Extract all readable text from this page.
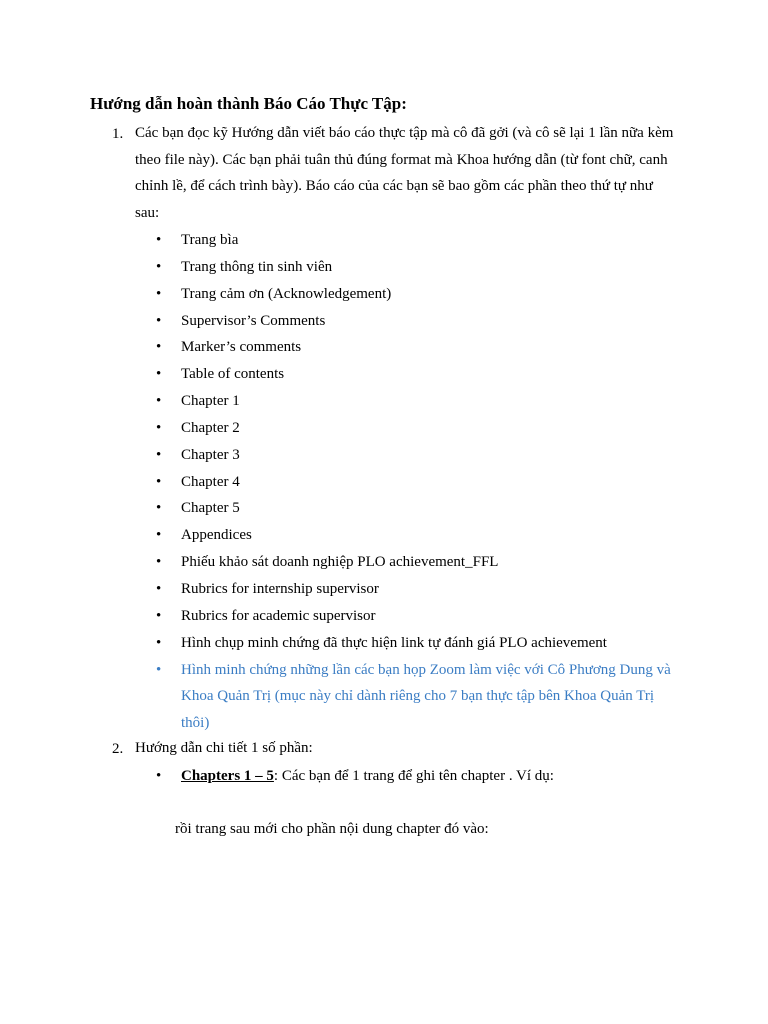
Hướng dẫn hoàn thành Báo Cáo Thực Tập:
1. Các bạn đọc kỹ Hướng dẫn viết báo cáo thực tập mà cô đã gởi (và cô sẽ lại 1 lần nữa kèm theo file này). Các bạn phải tuân thủ đúng format mà Khoa hướng dẫn (từ font chữ, canh chỉnh lề, để cách trình bày). Báo cáo của các bạn sẽ bao gồm các phần theo thứ tự như sau:
• Trang bìa
• Trang thông tin sinh viên
• Trang cảm ơn (Acknowledgement)
• Supervisor’s Comments
• Marker’s comments
• Table of contents
• Chapter 1
• Chapter 2
• Chapter 3
• Chapter 4
• Chapter 5
• Appendices
• Phiếu khảo sát doanh nghiệp PLO achievement_FFL
• Rubrics for internship supervisor
• Rubrics for academic supervisor
• Hình chụp minh chứng đã thực hiện link tự đánh giá PLO achievement
• Hình minh chứng những lần các bạn họp Zoom làm việc với Cô Phương Dung và Khoa Quản Trị (mục này chỉ dành riêng cho 7 bạn thực tập bên Khoa Quản Trị thôi)
2. Hướng dẫn chi tiết 1 số phần:
• Chapters 1 – 5: Các bạn để 1 trang để ghi tên chapter . Ví dụ:
rồi trang sau mới cho phần nội dung chapter đó vào:
